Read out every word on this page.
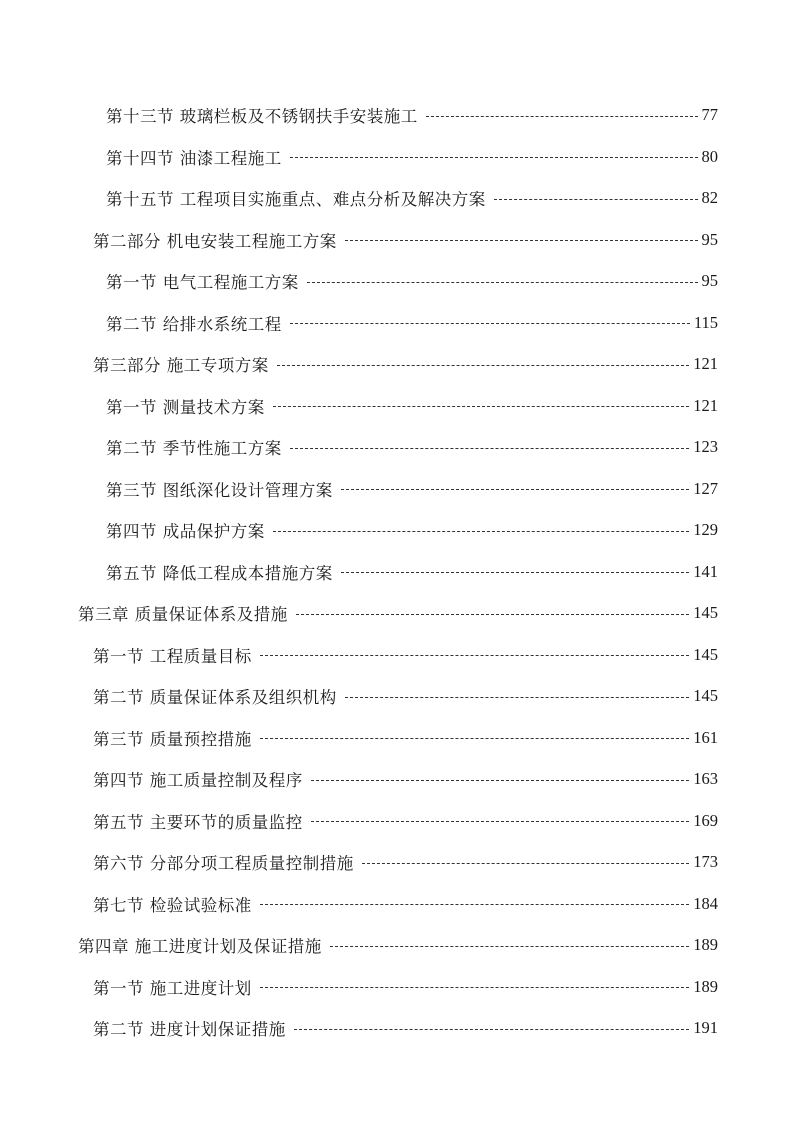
第十三节 玻璃栏板及不锈钢扶手安装施工	77
第十四节 油漆工程施工	80
第十五节 工程项目实施重点、难点分析及解决方案	82
第二部分 机电安装工程施工方案	95
第一节 电气工程施工方案	95
第二节 给排水系统工程	115
第三部分 施工专项方案	121
第一节 测量技术方案	121
第二节 季节性施工方案	123
第三节 图纸深化设计管理方案	127
第四节 成品保护方案	129
第五节 降低工程成本措施方案	141
第三章 质量保证体系及措施	145
第一节 工程质量目标	145
第二节 质量保证体系及组织机构	145
第三节 质量预控措施	161
第四节 施工质量控制及程序	163
第五节 主要环节的质量监控	169
第六节 分部分项工程质量控制措施	173
第七节 检验试验标准	184
第四章 施工进度计划及保证措施	189
第一节 施工进度计划	189
第二节 进度计划保证措施	191
